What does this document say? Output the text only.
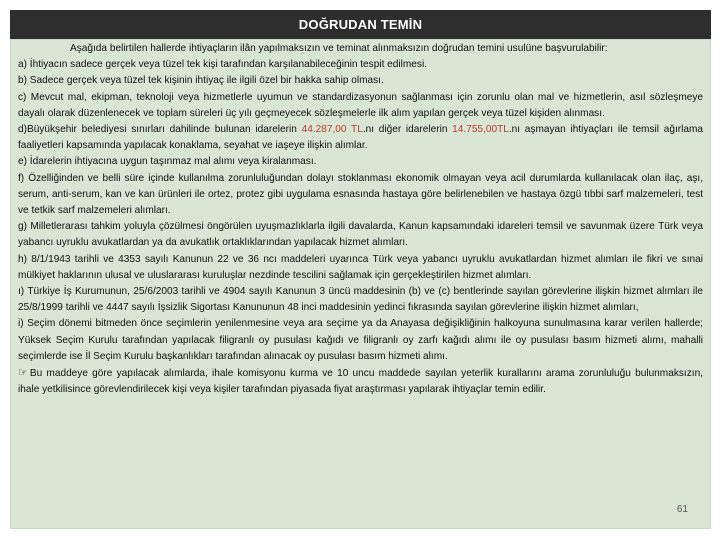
DOĞRUDAN TEMİN

Aşağıda belirtilen hallerde ihtiyaçların ilân yapılmaksızın ve teminat alınmaksızın doğrudan temini usulüne başvurulabilir:

a) İhtiyacın sadece gerçek veya tüzel tek kişi tarafından karşılanabileceğinin tespit edilmesi.

b) Sadece gerçek veya tüzel tek kişinin ihtiyaç ile ilgili özel bir hakka sahip olması.

c) Mevcut mal, ekipman, teknoloji veya hizmetlerle uyumun ve standardizasyonun sağlanması için zorunlu olan mal ve hizmetlerin, asıl sözleşmeye dayalı olarak düzenlenecek ve toplam süreleri üç yılı geçmeyecek sözleşmelerle ilk alım yapılan gerçek veya tüzel kişiden alınması.

d)Büyükşehir belediyesi sınırları dahilinde bulunan idarelerin 44.287,00 TL.nı diğer idarelerin 14.755,00TL.nı aşmayan ihtiyaçları ile temsil ağırlama faaliyetleri kapsamında yapılacak konaklama, seyahat ve iaşeye ilişkin alımlar.

e) İdarelerin ihtiyacına uygun taşınmaz mal alımı veya kiralanması.

f) Özelliğinden ve belli süre içinde kullanılma zorunluluğundan dolayı stoklanması ekonomik olmayan veya acil durumlarda kullanılacak olan ilaç, aşı, serum, anti-serum, kan ve kan ürünleri ile ortez, protez gibi uygulama esnasında hastaya göre belirlenebilen ve hastaya özgü tıbbi sarf malzemeleri, test ve tetkik sarf malzemeleri alımları.

g) Milletlerarası tahkim yoluyla çözülmesi öngörülen uyuşmazlıklarla ilgili davalarda, Kanun kapsamındaki idareleri temsil ve savunmak üzere Türk veya yabancı uyruklu avukatlardan ya da avukatlık ortaklıklarından yapılacak hizmet alımları.

h) 8/1/1943 tarihli ve 4353 sayılı Kanunun 22 ve 36 ncı maddeleri uyarınca Türk veya yabancı uyruklu avukatlardan hizmet alımları ile fikri ve sınai mülkiyet haklarının ulusal ve uluslararası kuruluşlar nezdinde tescilini sağlamak için gerçekleştirilen hizmet alımları.

ı) Türkiye İş Kurumunun, 25/6/2003 tarihli ve 4904 sayılı Kanunun 3 üncü maddesinin (b) ve (c) bentlerinde sayılan görevlerine ilişkin hizmet alımları ile 25/8/1999 tarihli ve 4447 sayılı İşsizlik Sigortası Kanununun 48 inci maddesinin yedinci fıkrasında sayılan görevlerine ilişkin hizmet alımları,

i) Seçim dönemi bitmeden önce seçimlerin yenilenmesine veya ara seçime ya da Anayasa değişikliğinin halkoyuna sunulmasına karar verilen hallerde; Yüksek Seçim Kurulu tarafından yapılacak filigranlı oy pusulası kağıdı ve filigranlı oy zarfı kağıdı alımı ile oy pusulası basım hizmeti alımı, mahalli seçimlerde ise İl Seçim Kurulu başkanlıkları tarafından alınacak oy pusulası basım hizmeti alımı.

☞ Bu maddeye göre yapılacak alımlarda, ihale komisyonu kurma ve 10 uncu maddede sayılan yeterlik kurallarını arama zorunluluğu bulunmaksızın, ihale yetkilisince görevlendirilecek kişi veya kişiler tarafından piyasada fiyat araştırması yapılarak ihtiyaçlar temin edilir.

61
